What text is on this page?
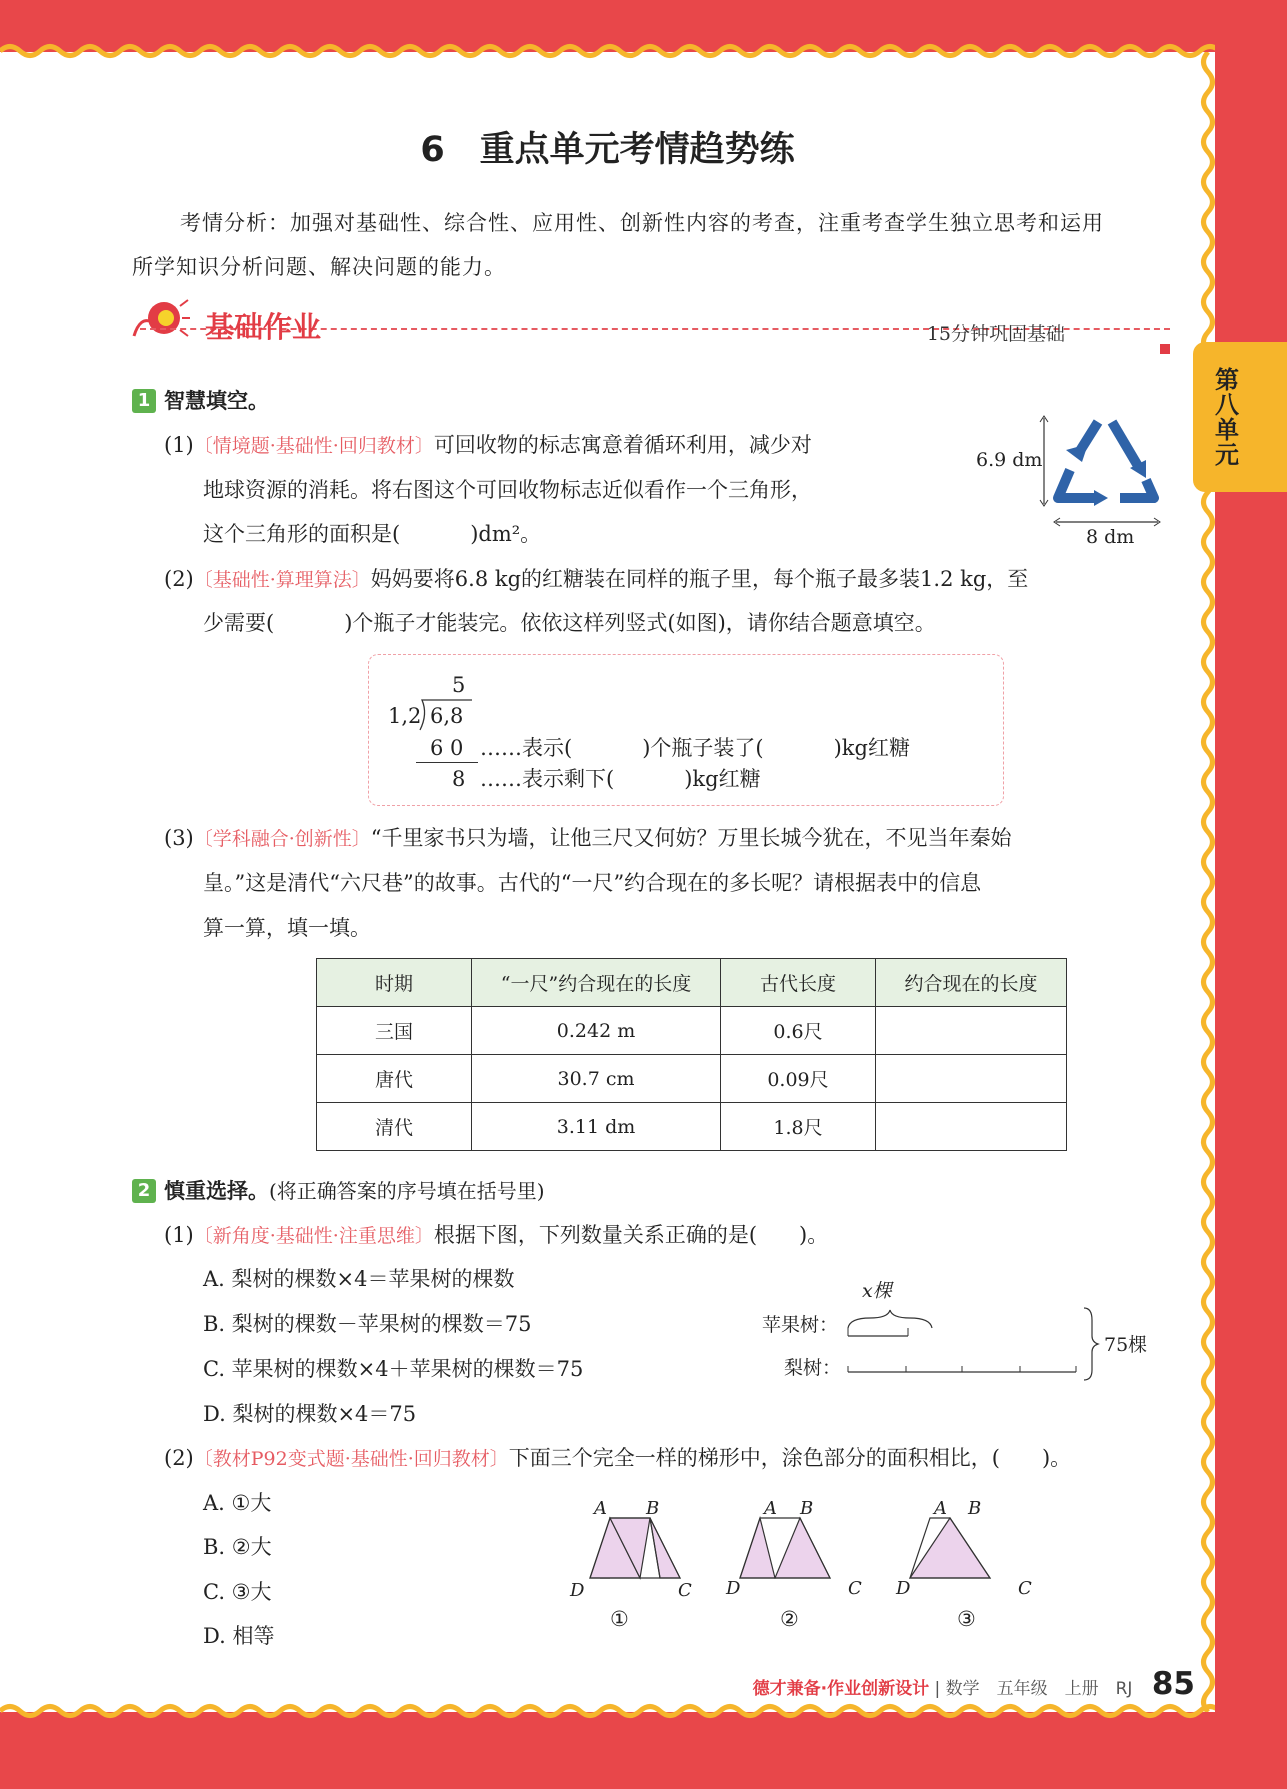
第八单元
6　重点单元考情趋势练
考情分析：加强对基础性、综合性、应用性、创新性内容的考查，注重考查学生独立思考和运用
所学知识分析问题、解决问题的能力。
基础作业	15分钟巩固基础
1 智慧填空。
(1)〔情境题·基础性·回归教材〕可回收物的标志寓意着循环利用，减少对
地球资源的消耗。将右图这个可回收物标志近似看作一个三角形，
这个三角形的面积是(	)dm²。
6.9 dm
8 dm
(2)〔基础性·算理算法〕妈妈要将6.8 kg的红糖装在同样的瓶子里，每个瓶子最多装1.2 kg，至
少需要(	)个瓶子才能装完。依依这样列竖式(如图)，请你结合题意填空。
5
1,2 6,8
6 0
8
……表示(	)个瓶子装了(	)kg红糖
……表示剩下(	)kg红糖
(3)〔学科融合·创新性〕“千里家书只为墙，让他三尺又何妨？万里长城今犹在，不见当年秦始
皇。”这是清代“六尺巷”的故事。古代的“一尺”约合现在的多长呢？请根据表中的信息
算一算，填一填。
时期	“一尺”约合现在的长度	古代长度	约合现在的长度
三国	0.242 m	0.6尺	
唐代	30.7 cm	0.09尺	
清代	3.11 dm	1.8尺	
2 慎重选择。(将正确答案的序号填在括号里)
(1)〔新角度·基础性·注重思维〕根据下图，下列数量关系正确的是(　　)。
A. 梨树的棵数×4＝苹果树的棵数
B. 梨树的棵数－苹果树的棵数＝75
C. 苹果树的棵数×4＋苹果树的棵数＝75
D. 梨树的棵数×4＝75
x棵
苹果树：
梨树：
75棵
(2)〔教材P92变式题·基础性·回归教材〕下面三个完全一样的梯形中，涂色部分的面积相比，(　　)。
A. ①大
B. ②大
C. ③大
D. 相等
A B
C
D
A B
C
D
A B
C
D
①	②	③
德才兼备·作业创新设计 | 数学　五年级　上册　RJ 85
